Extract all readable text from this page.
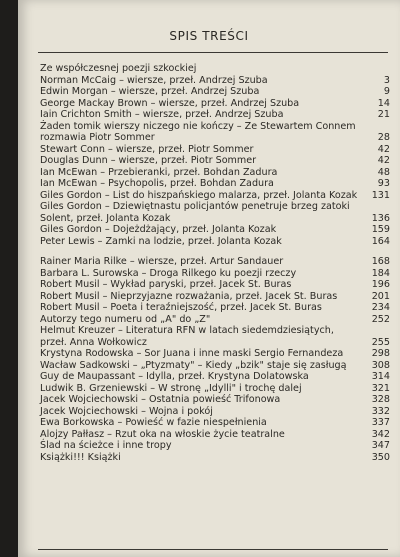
SPIS TREŚCI
Ze współczesnej poezji szkockiej
Norman McCaig – wiersze, przeł. Andrzej Szuba	3
Edwin Morgan – wiersze, przeł. Andrzej Szuba	9
George Mackay Brown – wiersze, przeł. Andrzej Szuba	14
Iain Crichton Smith – wiersze, przeł. Andrzej Szuba	21
Żaden tomik wierszy niczego nie kończy – Ze Stewartem Connem rozmawia Piotr Sommer	28
Stewart Conn – wiersze, przeł. Piotr Sommer	42
Douglas Dunn – wiersze, przeł. Piotr Sommer	42
Ian McEwan – Przebieranki, przeł. Bohdan Zadura	48
Ian McEwan – Psychopolis, przeł. Bohdan Zadura	93
Giles Gordon – List do hiszpańskiego malarza, przeł. Jolanta Kozak	131
Giles Gordon – Dziewiętnastu policjantów penetruje brzeg zatoki Solent, przeł. Jolanta Kozak	136
Giles Gordon – Dojeżdżający, przeł. Jolanta Kozak	159
Peter Lewis – Zamki na lodzie, przeł. Jolanta Kozak	164
Rainer Maria Rilke – wiersze, przeł. Artur Sandauer	168
Barbara L. Surowska – Droga Rilkego ku poezji rzeczy	184
Robert Musil – Wykład paryski, przeł. Jacek St. Buras	196
Robert Musil – Nieprzyjazne rozważania, przeł. Jacek St. Buras	201
Robert Musil – Poeta i teraźniejszość, przeł. Jacek St. Buras	234
Autorzy tego numeru od „A" do „Z"	252
Helmut Kreuzer – Literatura RFN w latach siedemdziesiątych, przeł. Anna Wołkowicz	255
Krystyna Rodowska – Sor Juana i inne maski Sergio Fernandeza	298
Wacław Sadkowski – „Ptyzmaty" – Kiedy „bzik" staje się zasługą	308
Guy de Maupassant – Idylla, przeł. Krystyna Dolatowska	314
Ludwik B. Grzeniewski – W stronę „Idylli" i trochę dalej	321
Jacek Wojciechowski – Ostatnia powieść Trifonowa	328
Jacek Wojciechowski – Wojna i pokój	332
Ewa Borkowska – Powieść w fazie niespełnienia	337
Alojzy Pałłasz – Rzut oka na włoskie życie teatralne	342
Ślad na ścieżce i inne tropy	347
Książki!!! Książki	350
